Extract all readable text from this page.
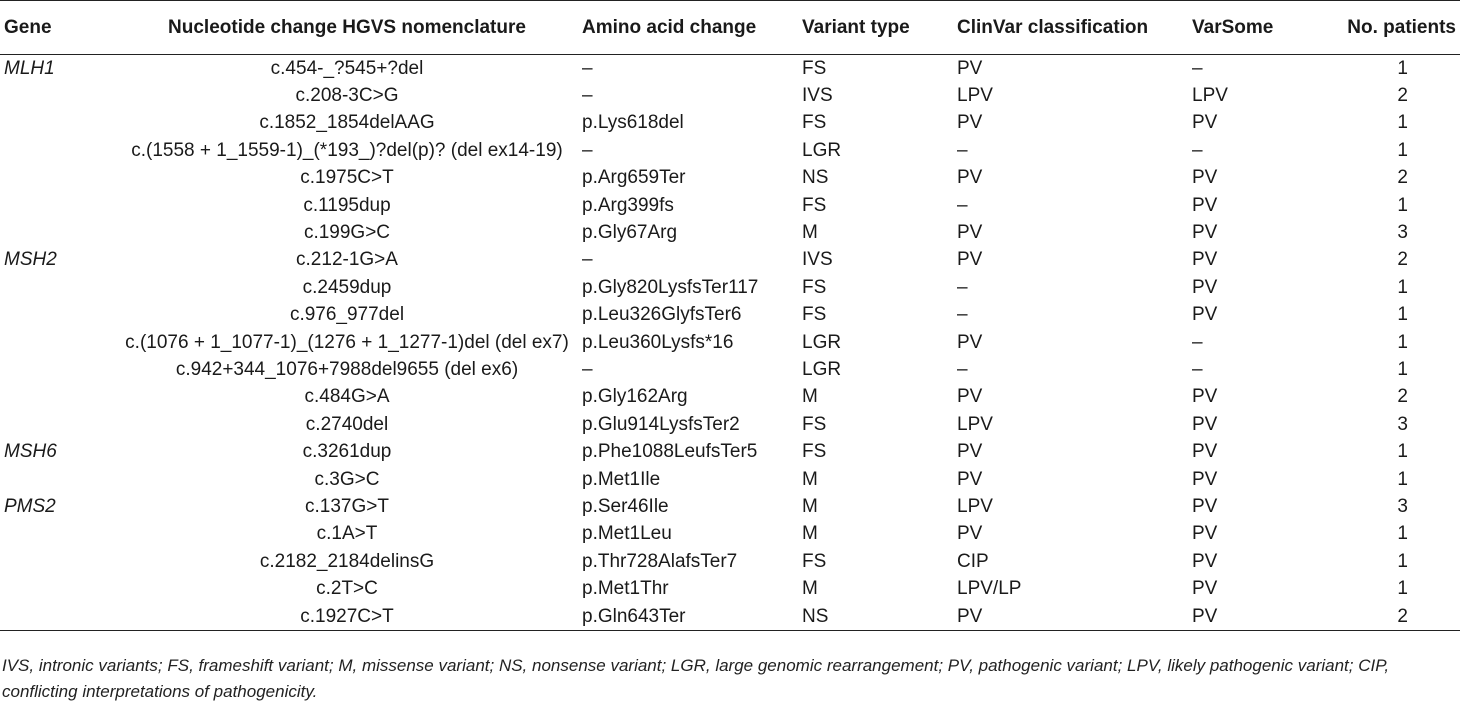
Gene	Nucleotide change HGVS nomenclature	Amino acid change	Variant type	ClinVar classification	VarSome	No. patients
MLH1	c.454-_?545+?del	–	FS	PV	–	1
	c.208-3C>G	–	IVS	LPV	LPV	2
	c.1852_1854delAAG	p.Lys618del	FS	PV	PV	1
	c.(1558 + 1_1559-1)_(*193_)?del(p)? (del ex14-19)	–	LGR	–	–	1
	c.1975C>T	p.Arg659Ter	NS	PV	PV	2
	c.1195dup	p.Arg399fs	FS	–	PV	1
	c.199G>C	p.Gly67Arg	M	PV	PV	3
MSH2	c.212-1G>A	–	IVS	PV	PV	2
	c.2459dup	p.Gly820LysfsTer117	FS	–	PV	1
	c.976_977del	p.Leu326GlyfsTer6	FS	–	PV	1
	c.(1076 + 1_1077-1)_(1276 + 1_1277-1)del (del ex7)	p.Leu360Lysfs*16	LGR	PV	–	1
	c.942+344_1076+7988del9655 (del ex6)	–	LGR	–	–	1
	c.484G>A	p.Gly162Arg	M	PV	PV	2
	c.2740del	p.Glu914LysfsTer2	FS	LPV	PV	3
MSH6	c.3261dup	p.Phe1088LeufsTer5	FS	PV	PV	1
	c.3G>C	p.Met1Ile	M	PV	PV	1
PMS2	c.137G>T	p.Ser46Ile	M	LPV	PV	3
	c.1A>T	p.Met1Leu	M	PV	PV	1
	c.2182_2184delinsG	p.Thr728AlafsTer7	FS	CIP	PV	1
	c.2T>C	p.Met1Thr	M	LPV/LP	PV	1
	c.1927C>T	p.Gln643Ter	NS	PV	PV	2
IVS, intronic variants; FS, frameshift variant; M, missense variant; NS, nonsense variant; LGR, large genomic rearrangement; PV, pathogenic variant; LPV, likely pathogenic variant; CIP, conflicting interpretations of pathogenicity.
